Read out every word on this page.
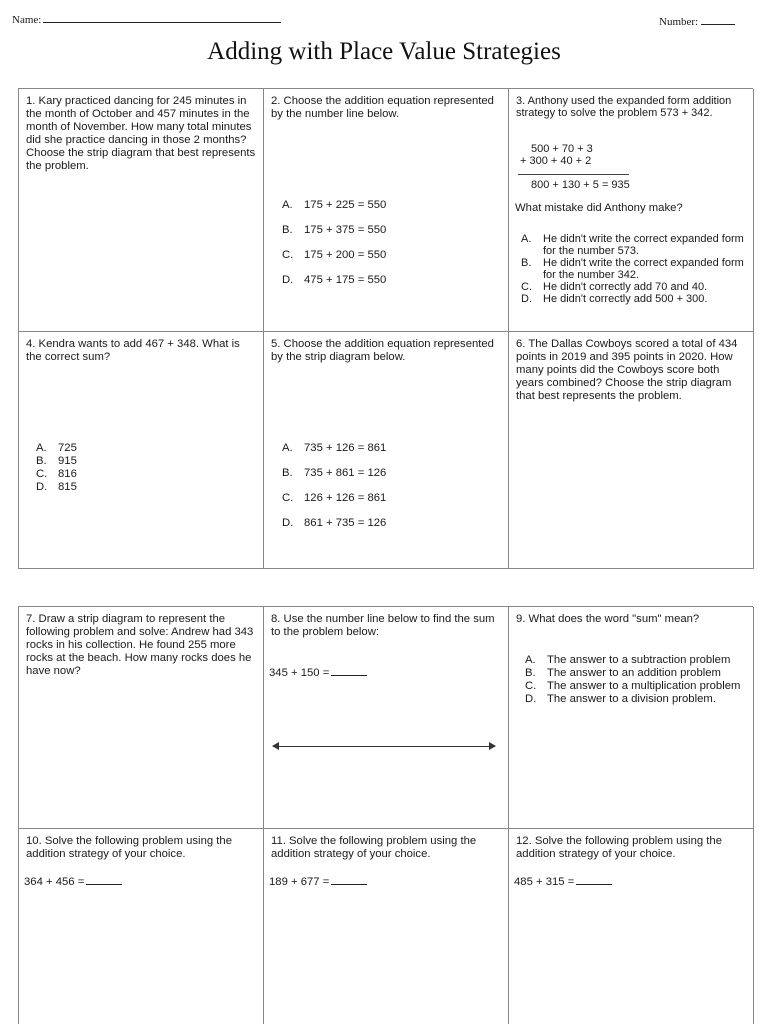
Name:	Number:
Adding with Place Value Strategies
1. Kary practiced dancing for 245 minutes in the month of October and 457 minutes in the month of November. How many total minutes did she practice dancing in those 2 months? Choose the strip diagram that best represents the problem.
2. Choose the addition equation represented by the number line below.
A. 175 + 225 = 550
B. 175 + 375 = 550
C. 175 + 200 = 550
D. 475 + 175 = 550
3. Anthony used the expanded form addition strategy to solve the problem 573 + 342.
A. He didn't write the correct expanded form for the number 573.
B. He didn't write the correct expanded form for the number 342.
C. He didn't correctly add 70 and 40.
D. He didn't correctly add 500 + 300.
4. Kendra wants to add 467 + 348. What is the correct sum?
A. 725
B. 915
C. 816
D. 815
5. Choose the addition equation represented by the strip diagram below.
A. 735 + 126 = 861
B. 735 + 861 = 126
C. 126 + 126 = 861
D. 861 + 735 = 126
6. The Dallas Cowboys scored a total of 434 points in 2019 and 395 points in 2020. How many points did the Cowboys score both years combined? Choose the strip diagram that best represents the problem.
500 + 70 + 3
+ 300 + 40 + 2
800 + 130 + 5 = 935
What mistake did Anthony make?
7. Draw a strip diagram to represent the following problem and solve: Andrew had 343 rocks in his collection. He found 255 more rocks at the beach. How many rocks does he have now?
8. Use the number line below to find the sum to the problem below:
345 + 150 =
9. What does the word "sum" mean?
A. The answer to a subtraction problem
B. The answer to an addition problem
C. The answer to a multiplication problem
D. The answer to a division problem.
10. Solve the following problem using the addition strategy of your choice.
364 + 456 =
11. Solve the following problem using the addition strategy of your choice.
189 + 677 =
12. Solve the following problem using the addition strategy of your choice.
485 + 315 =
